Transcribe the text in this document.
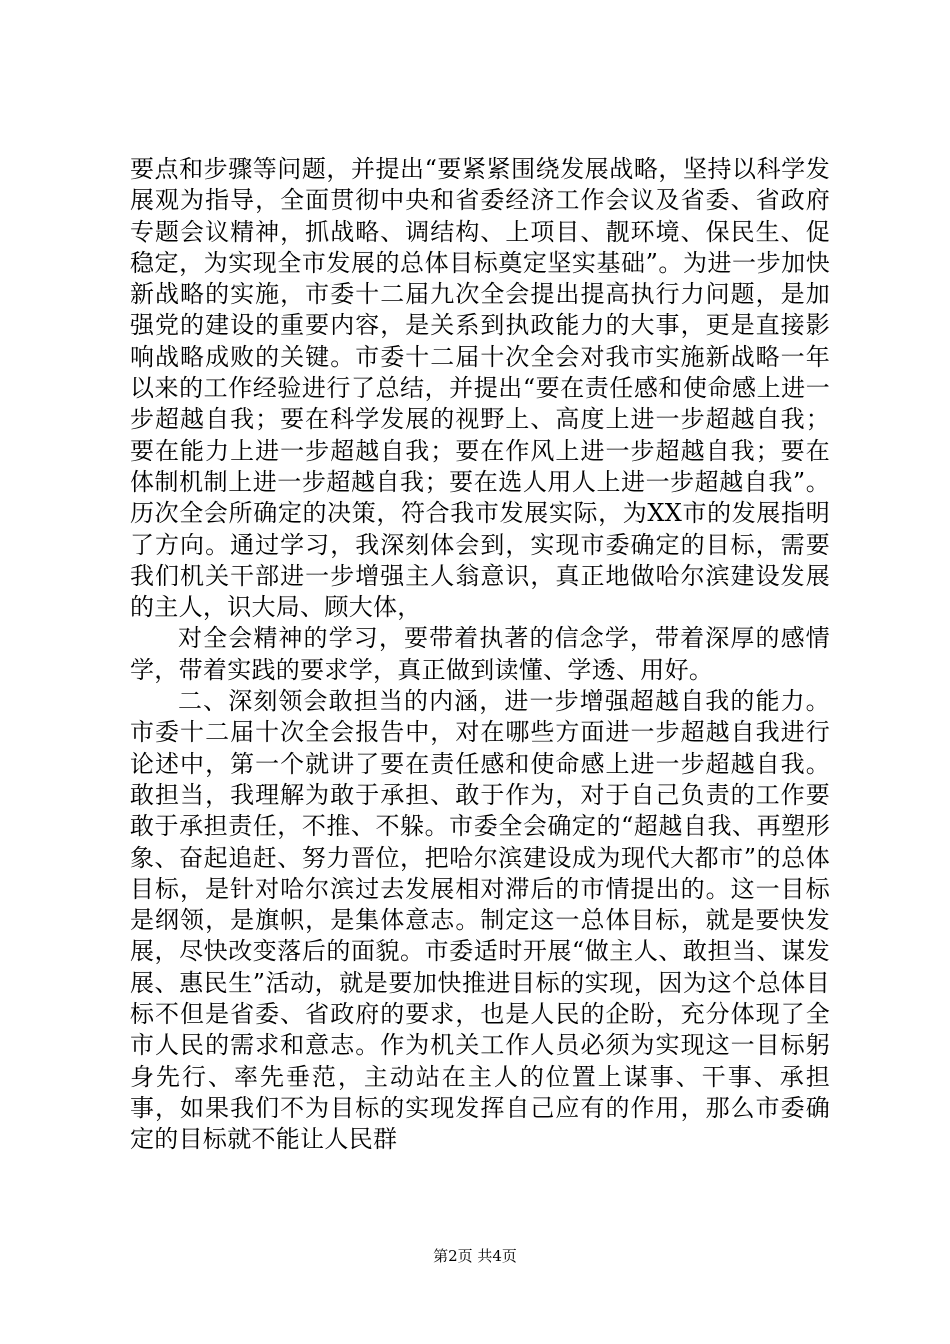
要点和步骤等问题，并提出“要紧紧围绕发展战略，坚持以科学发展观为指导，全面贯彻中央和省委经济工作会议及省委、省政府专题会议精神，抓战略、调结构、上项目、靓环境、保民生、促稳定，为实现全市发展的总体目标奠定坚实基础”。为进一步加快新战略的实施，市委十二届九次全会提出提高执行力问题，是加强党的建设的重要内容，是关系到执政能力的大事，更是直接影响战略成败的关键。市委十二届十次全会对我市实施新战略一年以来的工作经验进行了总结，并提出“要在责任感和使命感上进一步超越自我；要在科学发展的视野上、高度上进一步超越自我；要在能力上进一步超越自我；要在作风上进一步超越自我；要在体制机制上进一步超越自我；要在选人用人上进一步超越自我”。历次全会所确定的决策，符合我市发展实际，为XX市的发展指明了方向。通过学习，我深刻体会到，实现市委确定的目标，需要我们机关干部进一步增强主人翁意识，真正地做哈尔滨建设发展的主人，识大局、顾大体，

对全会精神的学习，要带着执著的信念学，带着深厚的感情学，带着实践的要求学，真正做到读懂、学透、用好。

二、深刻领会敢担当的内涵，进一步增强超越自我的能力。市委十二届十次全会报告中，对在哪些方面进一步超越自我进行论述中，第一个就讲了要在责任感和使命感上进一步超越自我。敢担当，我理解为敢于承担、敢于作为，对于自己负责的工作要敢于承担责任，不推、不躲。市委全会确定的“超越自我、再塑形象、奋起追赶、努力晋位，把哈尔滨建设成为现代大都市”的总体目标，是针对哈尔滨过去发展相对滞后的市情提出的。这一目标是纲领，是旗帜，是集体意志。制定这一总体目标，就是要快发展，尽快改变落后的面貌。市委适时开展“做主人、敢担当、谋发展、惠民生”活动，就是要加快推进目标的实现，因为这个总体目标不但是省委、省政府的要求，也是人民的企盼，充分体现了全市人民的需求和意志。作为机关工作人员必须为实现这一目标躬身先行、率先垂范，主动站在主人的位置上谋事、干事、承担事，如果我们不为目标的实现发挥自己应有的作用，那么市委确定的目标就不能让人民群

第2页 共4页
